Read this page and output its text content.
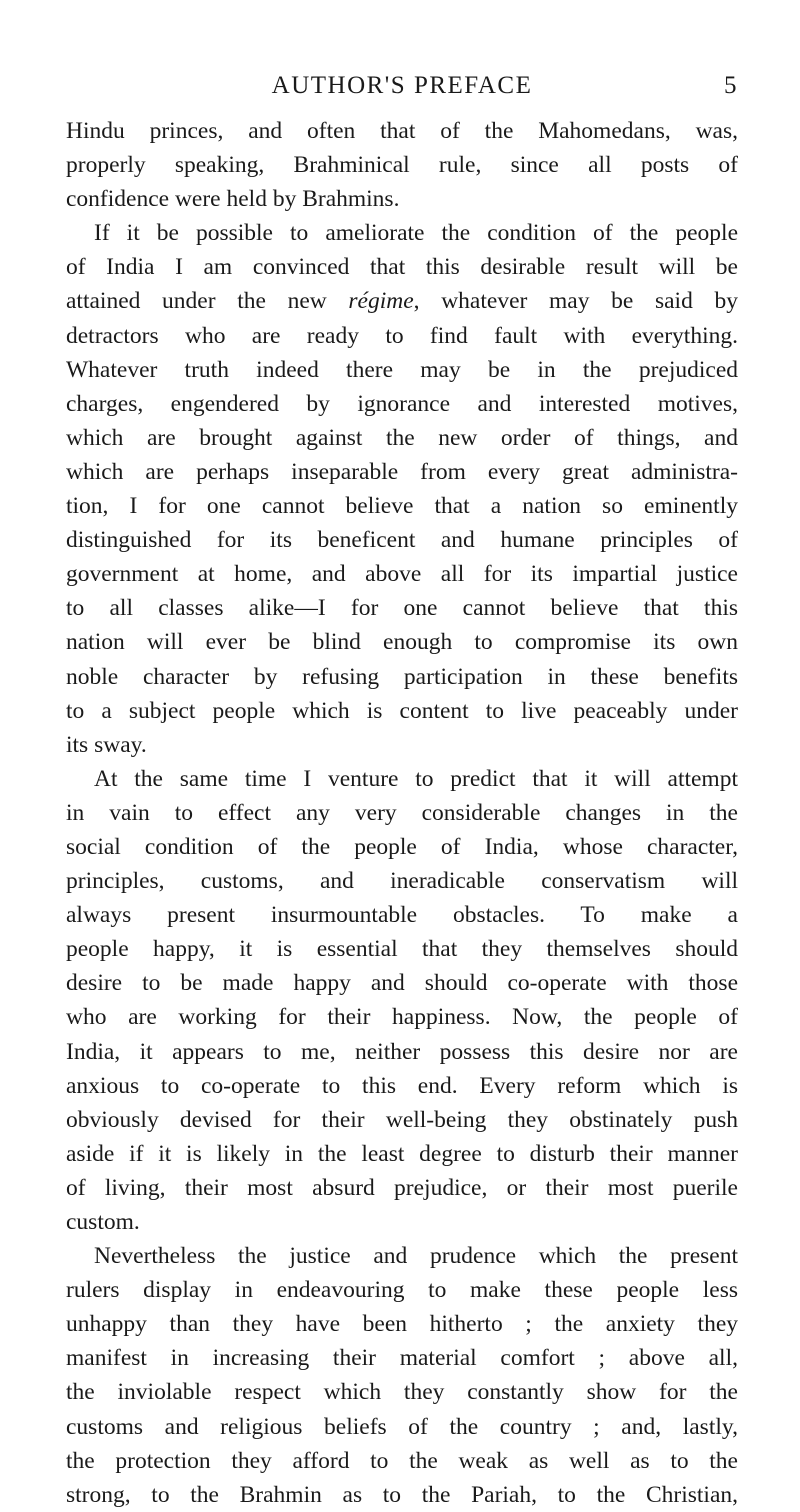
AUTHOR'S PREFACE	5

Hindu princes, and often that of the Mahomedans, was,
properly speaking, Brahminical rule, since all posts of
confidence were held by Brahmins.

If it be possible to ameliorate the condition of the people
of India I am convinced that this desirable result will be
attained under the new régime, whatever may be said by
detractors who are ready to find fault with everything.
Whatever truth indeed there may be in the prejudiced
charges, engendered by ignorance and interested motives,
which are brought against the new order of things, and
which are perhaps inseparable from every great administra-
tion, I for one cannot believe that a nation so eminently
distinguished for its beneficent and humane principles of
government at home, and above all for its impartial justice
to all classes alike—I for one cannot believe that this
nation will ever be blind enough to compromise its own
noble character by refusing participation in these benefits
to a subject people which is content to live peaceably under
its sway.

At the same time I venture to predict that it will attempt
in vain to effect any very considerable changes in the
social condition of the people of India, whose character,
principles, customs, and ineradicable conservatism will
always present insurmountable obstacles. To make a
people happy, it is essential that they themselves should
desire to be made happy and should co-operate with those
who are working for their happiness. Now, the people of
India, it appears to me, neither possess this desire nor are
anxious to co-operate to this end. Every reform which is
obviously devised for their well-being they obstinately push
aside if it is likely in the least degree to disturb their manner
of living, their most absurd prejudice, or their most puerile
custom.

Nevertheless the justice and prudence which the present
rulers display in endeavouring to make these people less
unhappy than they have been hitherto ; the anxiety they
manifest in increasing their material comfort ; above all,
the inviolable respect which they constantly show for the
customs and religious beliefs of the country ; and, lastly,
the protection they afford to the weak as well as to the
strong, to the Brahmin as to the Pariah, to the Christian,
